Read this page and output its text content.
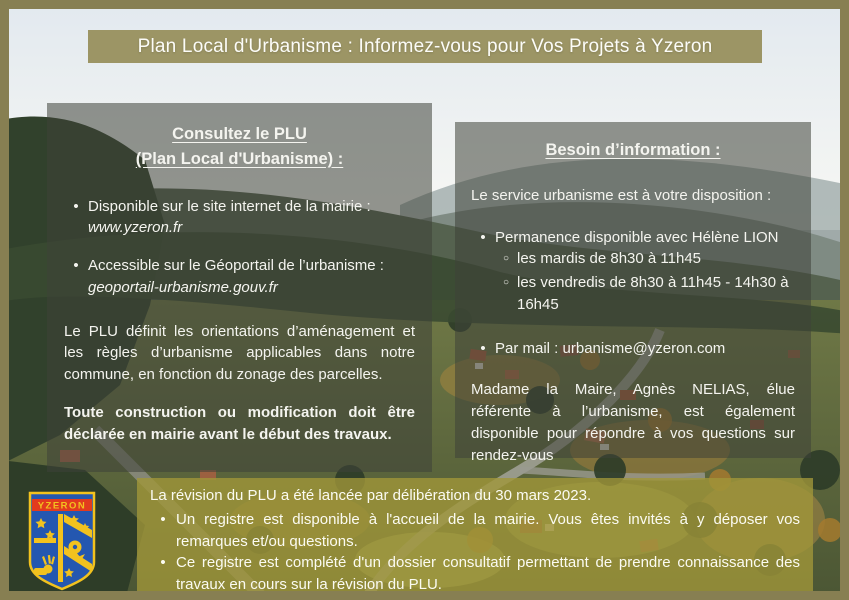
Plan Local d'Urbanisme : Informez-vous pour Vos Projets à Yzeron
Consultez le PLU
(Plan Local d'Urbanisme) :
• Disponible sur le site internet de la mairie :
www.yzeron.fr
• Accessible sur le Géoportail de l’urbanisme :
geoportail-urbanisme.gouv.fr

Le PLU définit les orientations d’aménagement et les règles d’urbanisme applicables dans notre commune, en fonction du zonage des parcelles.

Toute construction ou modification doit être déclarée en mairie avant le début des travaux.

Besoin d’information :

Le service urbanisme est à votre disposition :

• Permanence disponible avec Hélène LION
○ les mardis de 8h30 à 11h45
○ les vendredis de 8h30 à 11h45 - 14h30 à 16h45
• Par mail : urbanisme@yzeron.com

Madame la Maire, Agnès NELIAS, élue référente à l’urbanisme, est également disponible pour répondre à vos questions sur rendez-vous

La révision du PLU a été lancée par délibération du 30 mars 2023.

• Un registre est disponible à l'accueil de la mairie. Vous êtes invités à y déposer vos remarques et/ou questions.
• Ce registre est complété d'un dossier consultatif permettant de prendre connaissance des travaux en cours sur la révision du PLU.
YZERON
